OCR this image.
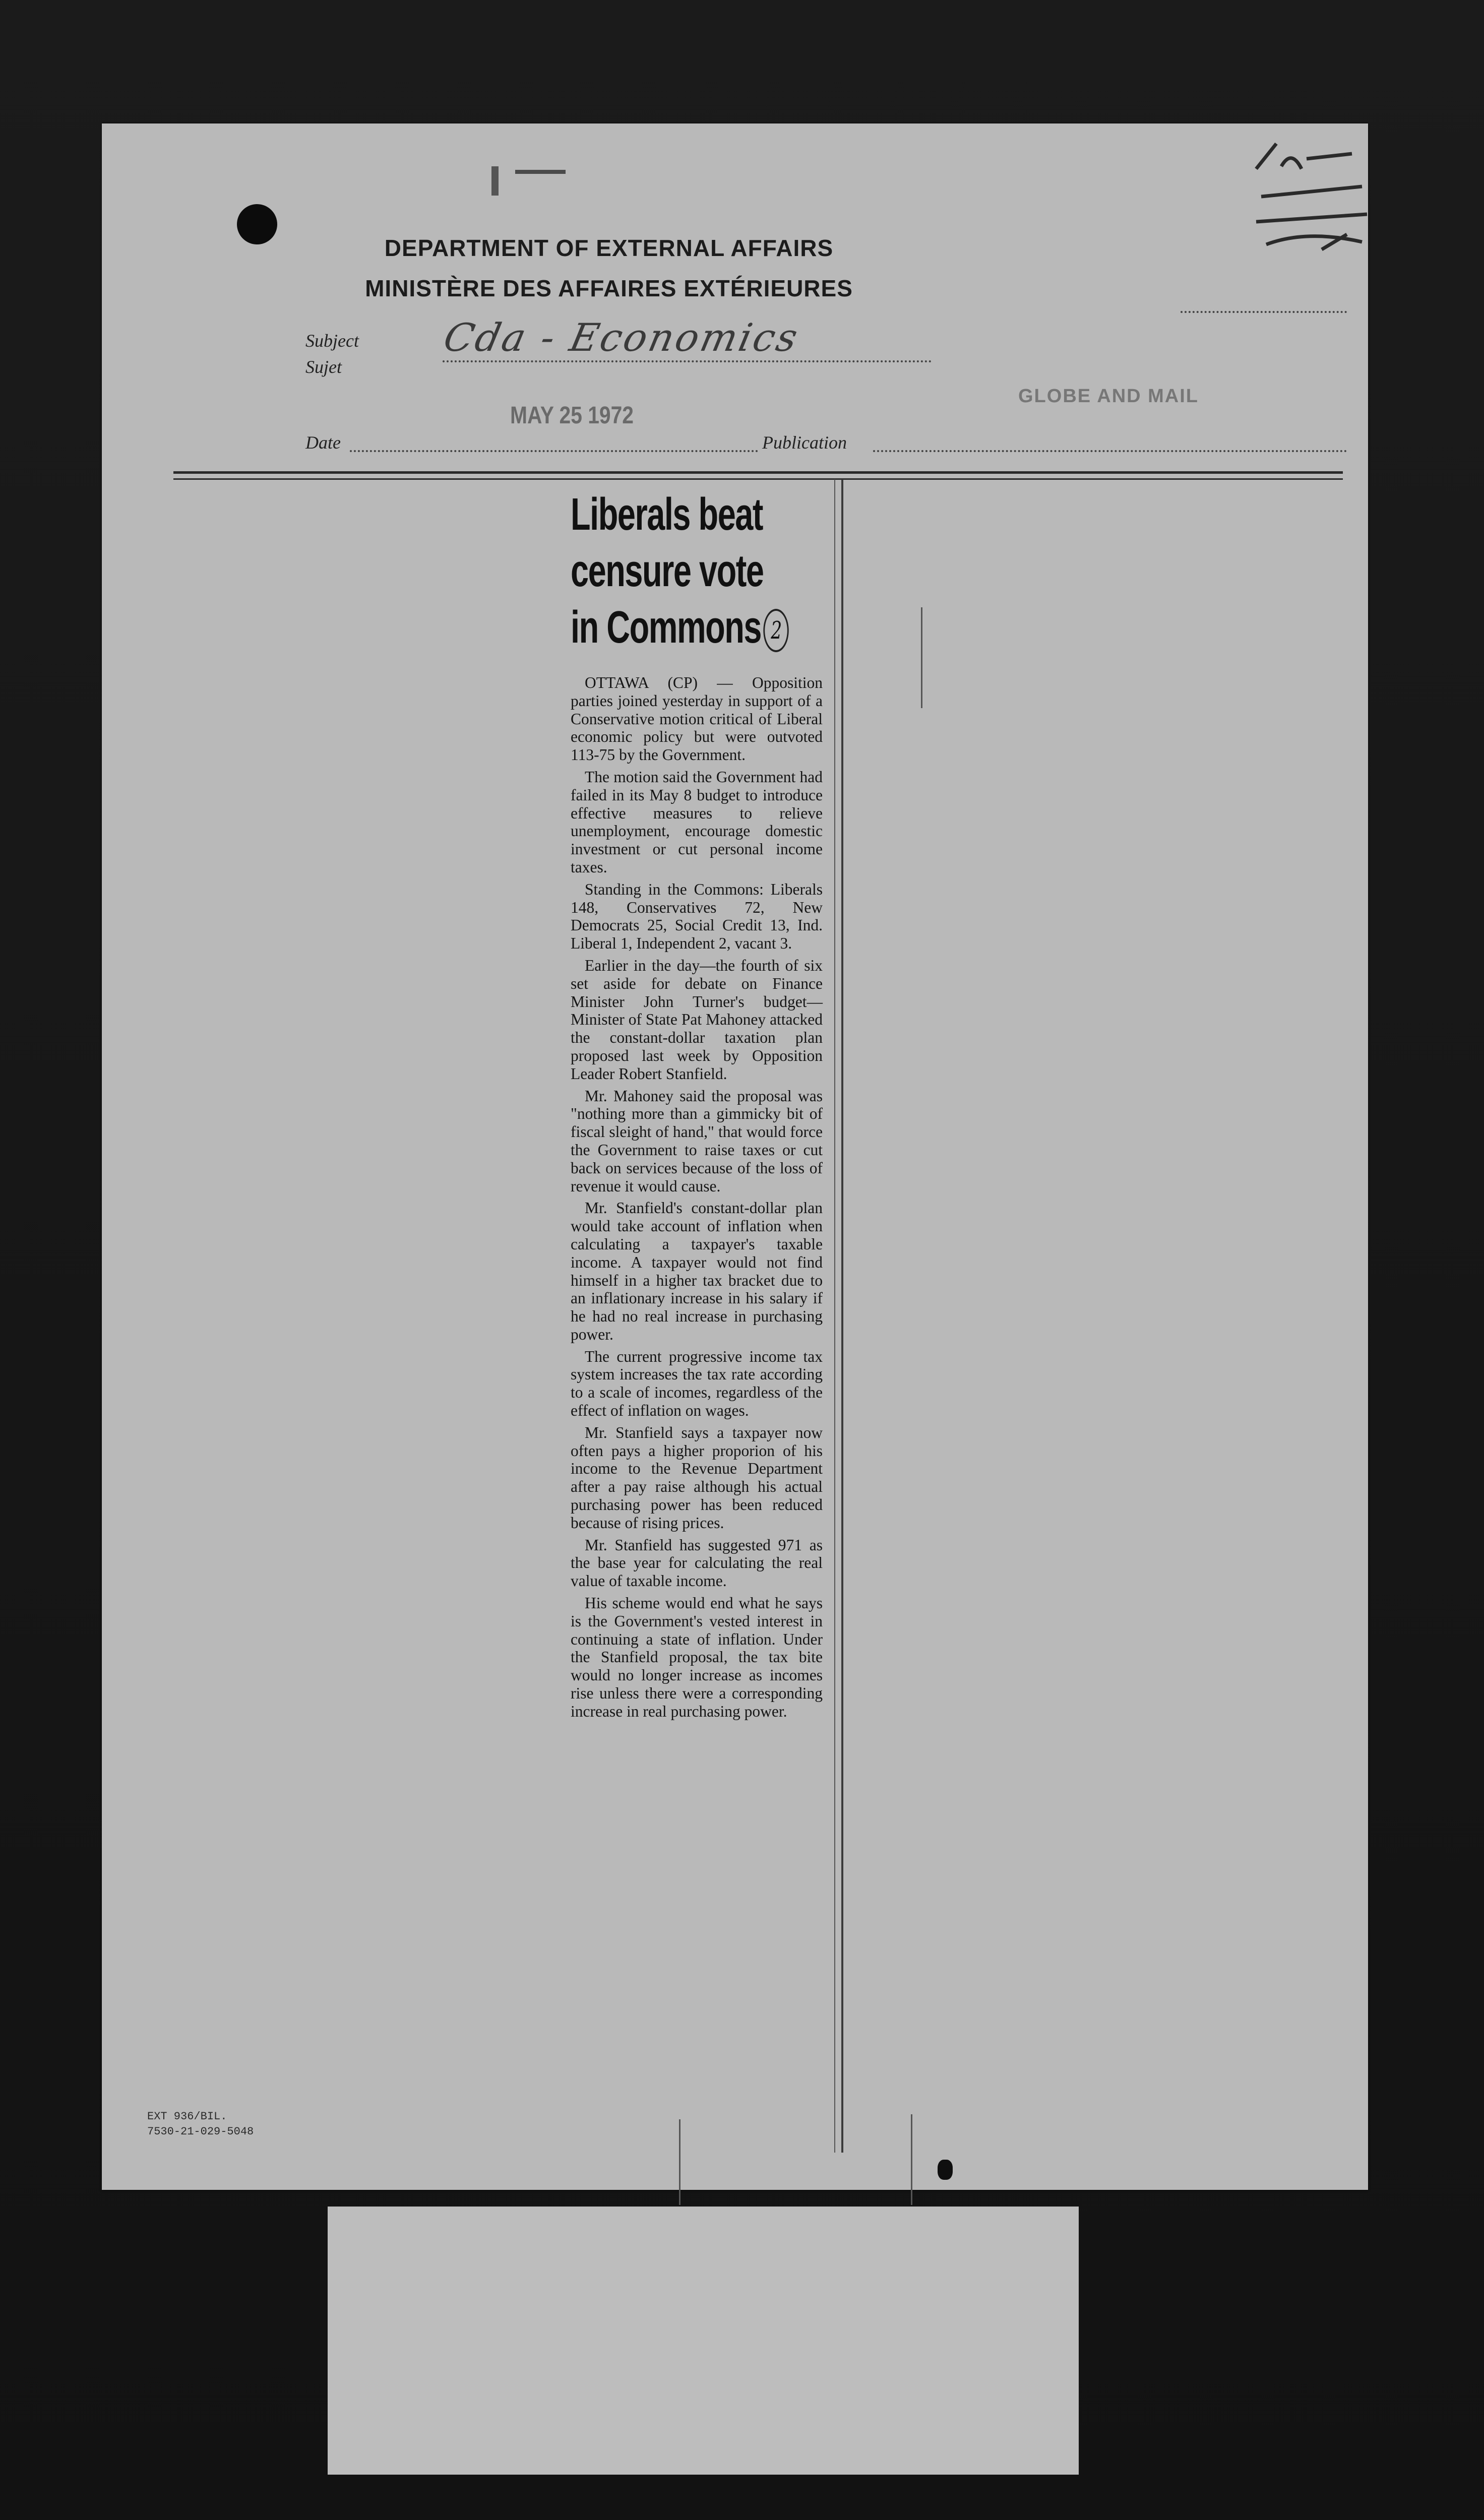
DEPARTMENT OF EXTERNAL AFFAIRS
MINISTÈRE DES AFFAIRES EXTÉRIEURES
Subject
Sujet
Cda - Economics
MAY 25 1972
GLOBE AND MAIL
Date	Publication
Liberals beat
censure vote
in Commons 2

OTTAWA (CP) — Opposition parties joined yesterday in support of a Conservative motion critical of Liberal economic policy but were outvoted 113-75 by the Government.

The motion said the Government had failed in its May 8 budget to introduce effective measures to relieve unemployment, encourage domestic investment or cut personal income taxes.

Standing in the Commons: Liberals 148, Conservatives 72, New Democrats 25, Social Credit 13, Ind. Liberal 1, Independent 2, vacant 3.

Earlier in the day—the fourth of six set aside for debate on Finance Minister John Turner's budget—Minister of State Pat Mahoney attacked the constant-dollar taxation plan proposed last week by Opposition Leader Robert Stanfield.

Mr. Mahoney said the proposal was "nothing more than a gimmicky bit of fiscal sleight of hand," that would force the Government to raise taxes or cut back on services because of the loss of revenue it would cause.

Mr. Stanfield's constant-dollar plan would take account of inflation when calculating a taxpayer's taxable income. A taxpayer would not find himself in a higher tax bracket due to an inflationary increase in his salary if he had no real increase in purchasing power.

The current progressive income tax system increases the tax rate according to a scale of incomes, regardless of the effect of inflation on wages.

Mr. Stanfield says a taxpayer now often pays a higher proporion of his income to the Revenue Department after a pay raise although his actual purchasing power has been reduced because of rising prices.

Mr. Stanfield has suggested 971 as the base year for calculating the real value of taxable income.

His scheme would end what he says is the Government's vested interest in continuing a state of inflation. Under the Stanfield proposal, the tax bite would no longer increase as incomes rise unless there were a corresponding increase in real purchasing power.

EXT 936/BIL.
7530-21-029-5048
